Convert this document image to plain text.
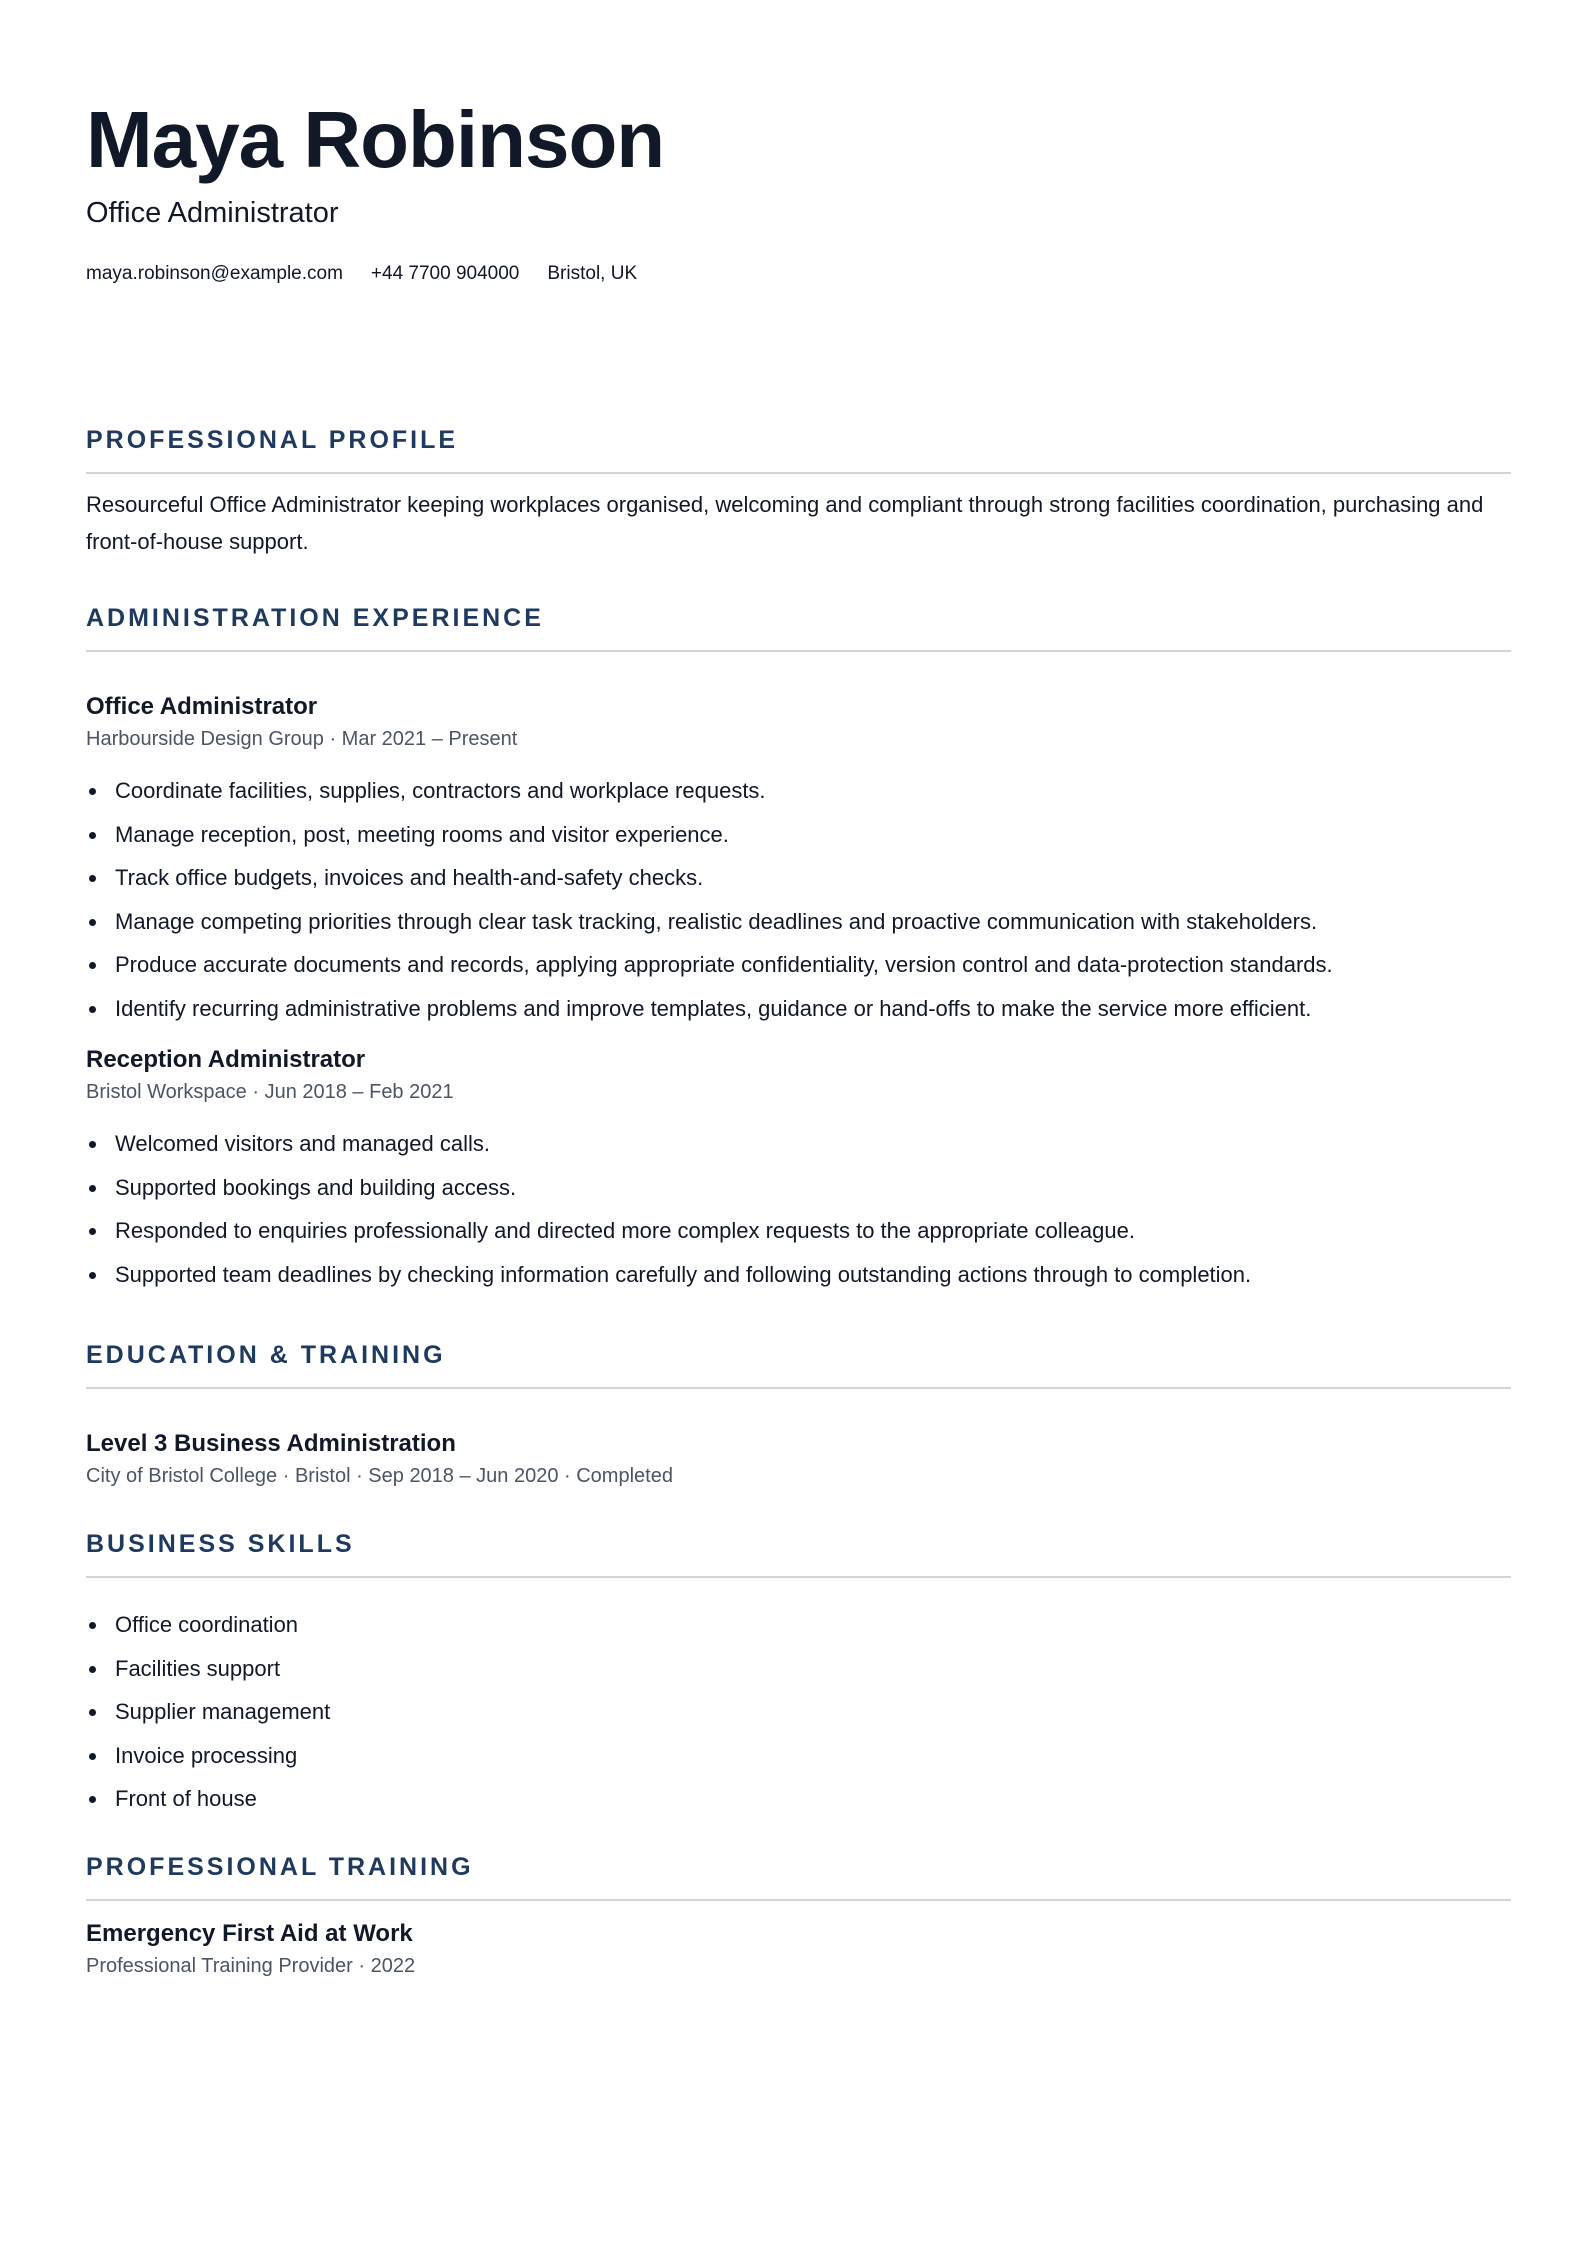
Maya Robinson
Office Administrator
maya.robinson@example.com +44 7700 904000 Bristol, UK
PROFESSIONAL PROFILE
Resourceful Office Administrator keeping workplaces organised, welcoming and compliant through strong facilities coordination, purchasing and front-of-house support.
ADMINISTRATION EXPERIENCE
Office Administrator
Harbourside Design Group · Mar 2021 – Present
Coordinate facilities, supplies, contractors and workplace requests.
Manage reception, post, meeting rooms and visitor experience.
Track office budgets, invoices and health-and-safety checks.
Manage competing priorities through clear task tracking, realistic deadlines and proactive communication with stakeholders.
Produce accurate documents and records, applying appropriate confidentiality, version control and data-protection standards.
Identify recurring administrative problems and improve templates, guidance or hand-offs to make the service more efficient.
Reception Administrator
Bristol Workspace · Jun 2018 – Feb 2021
Welcomed visitors and managed calls.
Supported bookings and building access.
Responded to enquiries professionally and directed more complex requests to the appropriate colleague.
Supported team deadlines by checking information carefully and following outstanding actions through to completion.
EDUCATION & TRAINING
Level 3 Business Administration
City of Bristol College · Bristol · Sep 2018 – Jun 2020 · Completed
BUSINESS SKILLS
Office coordination
Facilities support
Supplier management
Invoice processing
Front of house
PROFESSIONAL TRAINING
Emergency First Aid at Work
Professional Training Provider · 2022
